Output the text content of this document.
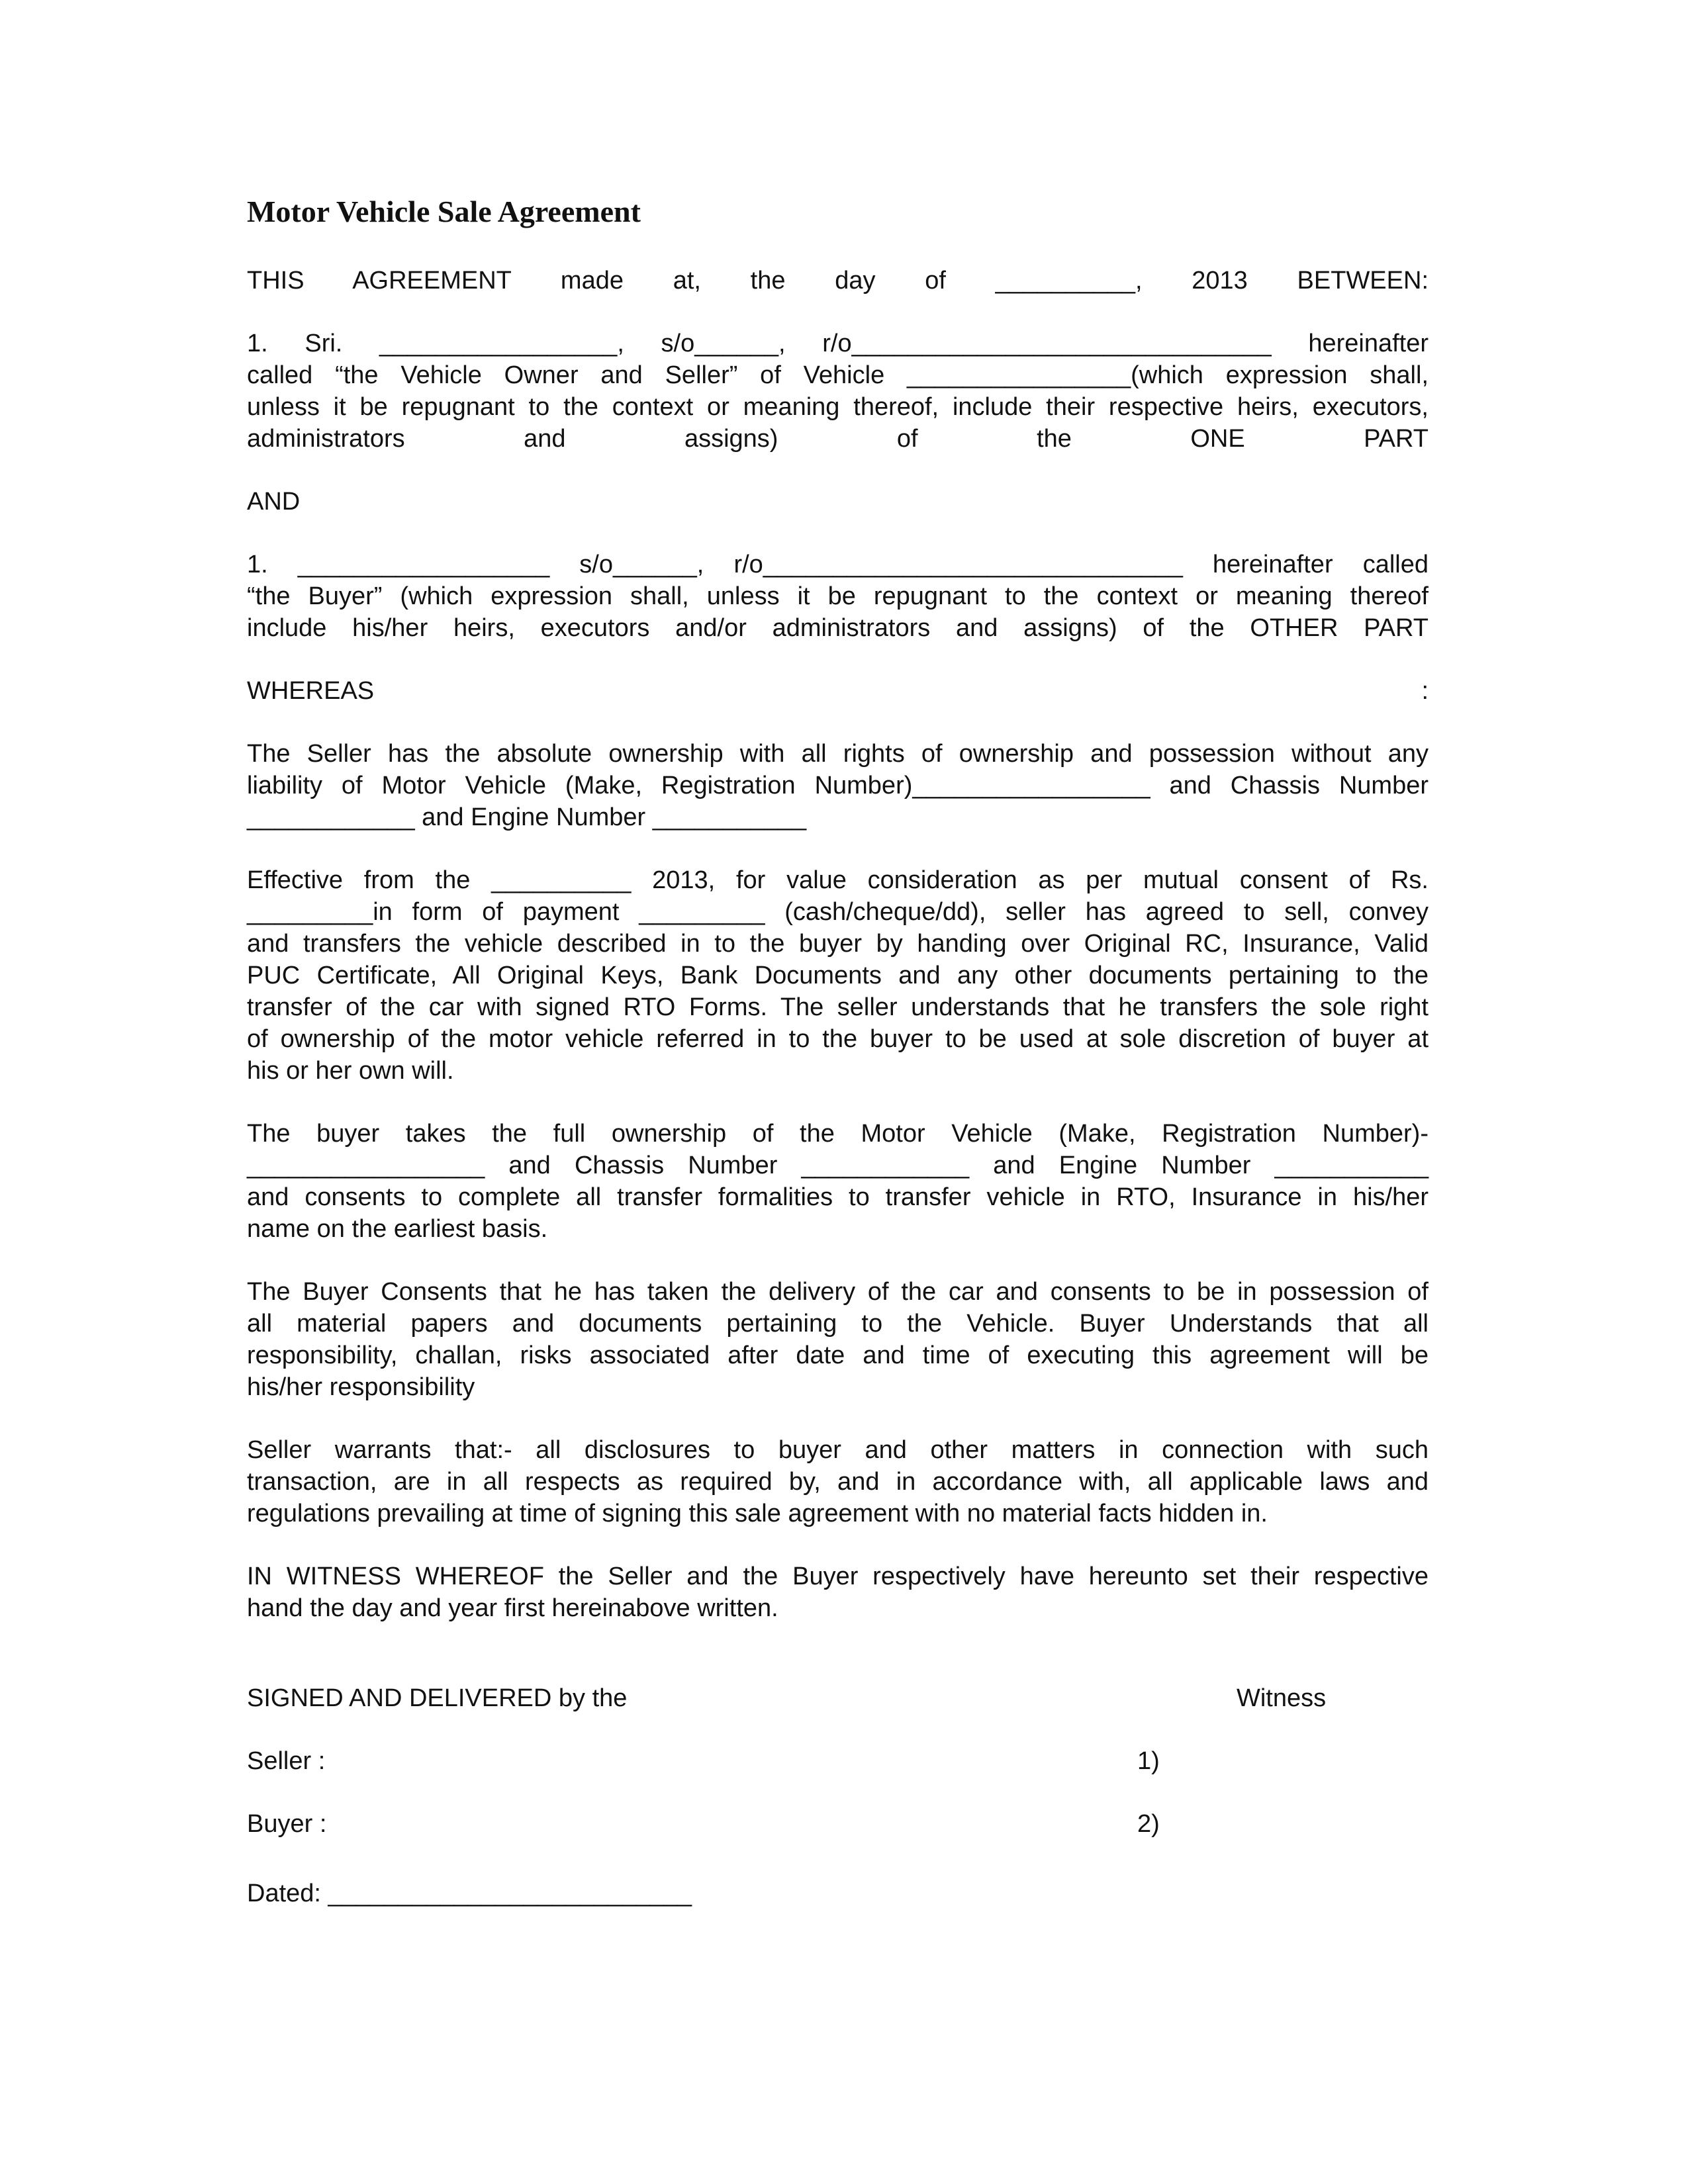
Motor Vehicle Sale Agreement
THIS AGREEMENT made at, the day of __________, 2013 BETWEEN:
1. Sri. _________________, s/o______, r/o______________________________ hereinafter
called “the Vehicle Owner and Seller” of Vehicle ________________(which expression shall,
unless it be repugnant to the context or meaning thereof, include their respective heirs, executors,
administrators and assigns) of the ONE PART
AND
1. __________________ s/o______, r/o______________________________ hereinafter called
“the Buyer” (which expression shall, unless it be repugnant to the context or meaning thereof
include his/her heirs, executors and/or administrators and assigns) of the OTHER PART
WHEREAS	:
The Seller has the absolute ownership with all rights of ownership and possession without any
liability of Motor Vehicle (Make, Registration Number)_________________ and Chassis Number
____________ and Engine Number ___________
Effective from the __________ 2013, for value consideration as per mutual consent of Rs.
_________in form of payment _________ (cash/cheque/dd), seller has agreed to sell, convey
and transfers the vehicle described in to the buyer by handing over Original RC, Insurance, Valid
PUC Certificate, All Original Keys, Bank Documents and any other documents pertaining to the
transfer of the car with signed RTO Forms. The seller understands that he transfers the sole right
of ownership of the motor vehicle referred in to the buyer to be used at sole discretion of buyer at
his or her own will.
The buyer takes the full ownership of the Motor Vehicle (Make, Registration Number)-
_________________ and Chassis Number ____________ and Engine Number ___________
and consents to complete all transfer formalities to transfer vehicle in RTO, Insurance in his/her
name on the earliest basis.
The Buyer Consents that he has taken the delivery of the car and consents to be in possession of
all material papers and documents pertaining to the Vehicle. Buyer Understands that all
responsibility, challan, risks associated after date and time of executing this agreement will be
his/her responsibility
Seller warrants that:- all disclosures to buyer and other matters in connection with such
transaction, are in all respects as required by, and in accordance with, all applicable laws and
regulations prevailing at time of signing this sale agreement with no material facts hidden in.
IN WITNESS WHEREOF the Seller and the Buyer respectively have hereunto set their respective
hand the day and year first hereinabove written.
SIGNED AND DELIVERED by the	Witness
Seller :	1)
Buyer :	2)
Dated: __________________________
